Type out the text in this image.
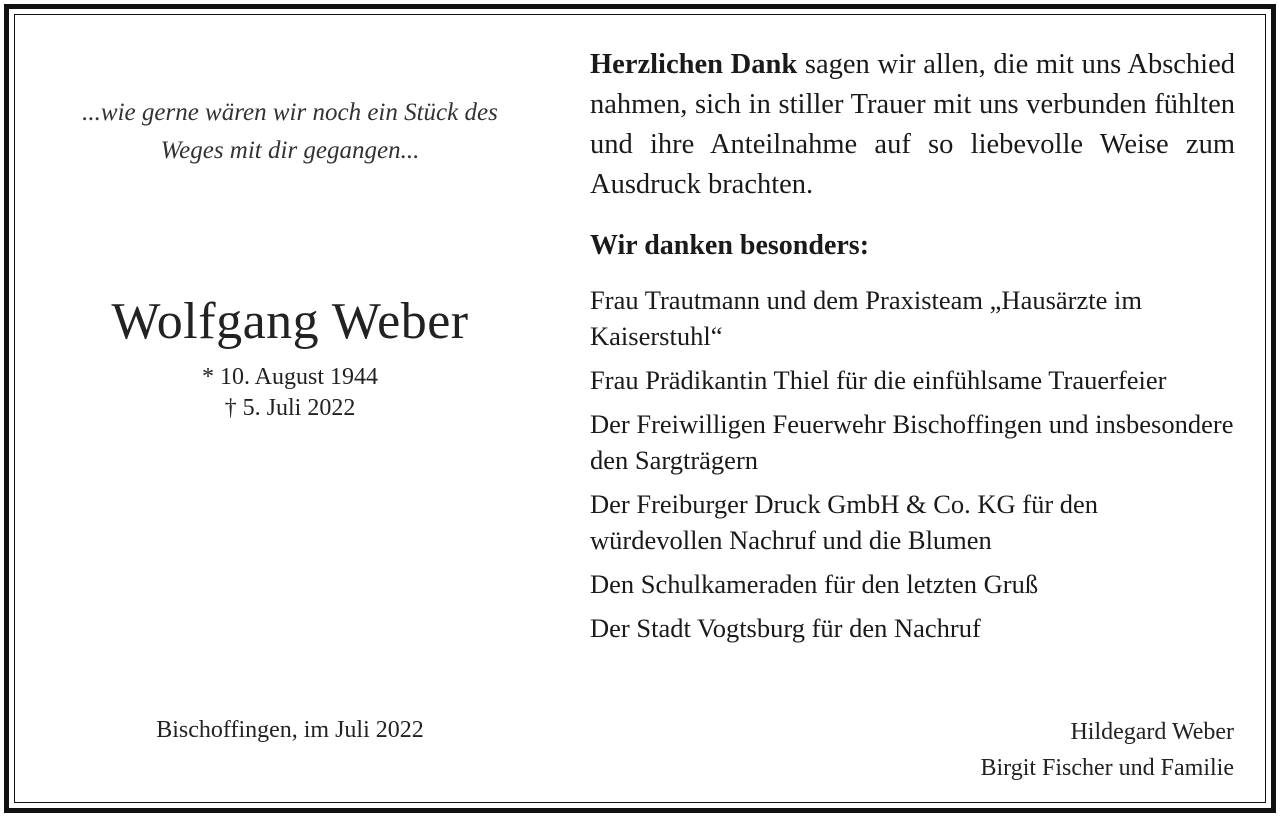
...wie gerne wären wir noch ein Stück des
Weges mit dir gegangen...
Wolfgang Weber
* 10. August 1944
† 5. Juli 2022
Bischoffingen, im Juli 2022
Herzlichen Dank sagen wir allen, die mit uns Abschied nahmen, sich in stiller Trauer mit uns verbunden fühlten und ihre Anteilnahme auf so liebevolle Weise zum Ausdruck brachten.
Wir danken besonders:
Frau Trautmann und dem Praxisteam „Hausärzte im Kaiserstuhl“
Frau Prädikantin Thiel für die einfühlsame Trauerfeier
Der Freiwilligen Feuerwehr Bischoffingen und insbesondere den Sargträgern
Der Freiburger Druck GmbH & Co. KG für den würdevollen Nachruf und die Blumen
Den Schulkameraden für den letzten Gruß
Der Stadt Vogtsburg für den Nachruf
Hildegard Weber
Birgit Fischer und Familie
